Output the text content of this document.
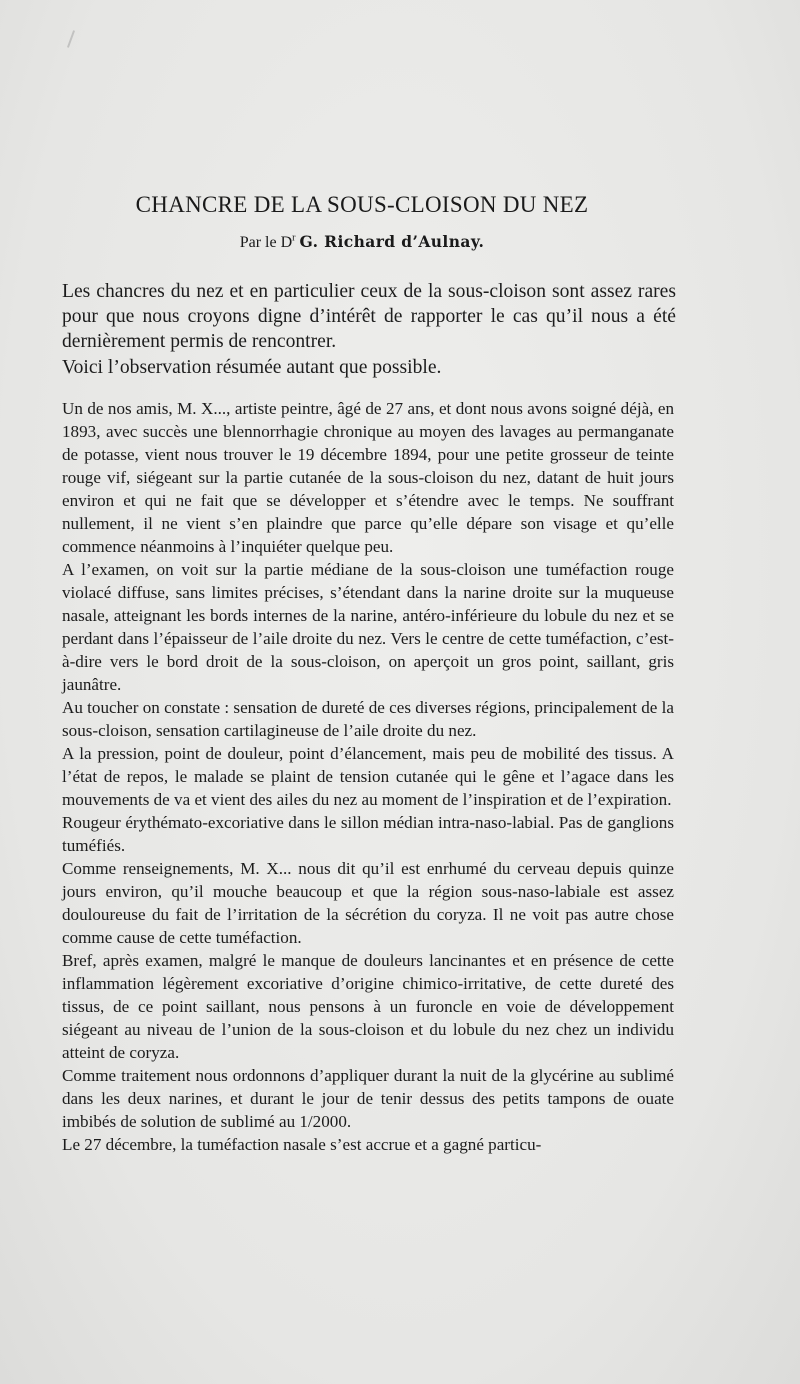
CHANCRE DE LA SOUS-CLOISON DU NEZ
Par le $D^r$ G. Richard d’Aulnay.

Les chancres du nez et en particulier ceux de la sous-cloison sont assez rares pour que nous croyons digne d’intérêt de rapporter le cas qu’il nous a été dernièrement permis de rencontrer.

Voici l’observation résumée autant que possible.

Un de nos amis, M. X..., artiste peintre, âgé de 27 ans, et dont nous avons soigné déjà, en 1893, avec succès une blennorrhagie chronique au moyen des lavages au permanganate de potasse, vient nous trouver le 19 décembre 1894, pour une petite grosseur de teinte rouge vif, siégeant sur la partie cutanée de la sous-cloison du nez, datant de huit jours environ et qui ne fait que se développer et s’étendre avec le temps. Ne souffrant nullement, il ne vient s’en plaindre que parce qu’elle dépare son visage et qu’elle commence néanmoins à l’inquiéter quelque peu.

A l’examen, on voit sur la partie médiane de la sous-cloison une tuméfaction rouge violacé diffuse, sans limites précises, s’étendant dans la narine droite sur la muqueuse nasale, atteignant les bords internes de la narine, antéro-inférieure du lobule du nez et se perdant dans l’épaisseur de l’aile droite du nez. Vers le centre de cette tuméfaction, c’est-à-dire vers le bord droit de la sous-cloison, on aperçoit un gros point, saillant, gris jaunâtre.

Au toucher on constate : sensation de dureté de ces diverses régions, principalement de la sous-cloison, sensation cartilagineuse de l’aile droite du nez.

A la pression, point de douleur, point d’élancement, mais peu de mobilité des tissus. A l’état de repos, le malade se plaint de tension cutanée qui le gêne et l’agace dans les mouvements de va et vient des ailes du nez au moment de l’inspiration et de l’expiration.

Rougeur érythémato-excoriative dans le sillon médian intra-naso-labial. Pas de ganglions tuméfiés.

Comme renseignements, M. X... nous dit qu’il est enrhumé du cerveau depuis quinze jours environ, qu’il mouche beaucoup et que la région sous-naso-labiale est assez douloureuse du fait de l’irritation de la sécrétion du coryza. Il ne voit pas autre chose comme cause de cette tuméfaction.

Bref, après examen, malgré le manque de douleurs lancinantes et en présence de cette inflammation légèrement excoriative d’origine chimico-irritative, de cette dureté des tissus, de ce point saillant, nous pensons à un furoncle en voie de développement siégeant au niveau de l’union de la sous-cloison et du lobule du nez chez un individu atteint de coryza.

Comme traitement nous ordonnons d’appliquer durant la nuit de la glycérine au sublimé dans les deux narines, et durant le jour de tenir dessus des petits tampons de ouate imbibés de solution de sublimé au 1/2000.

Le 27 décembre, la tuméfaction nasale s’est accrue et a gagné particu-
